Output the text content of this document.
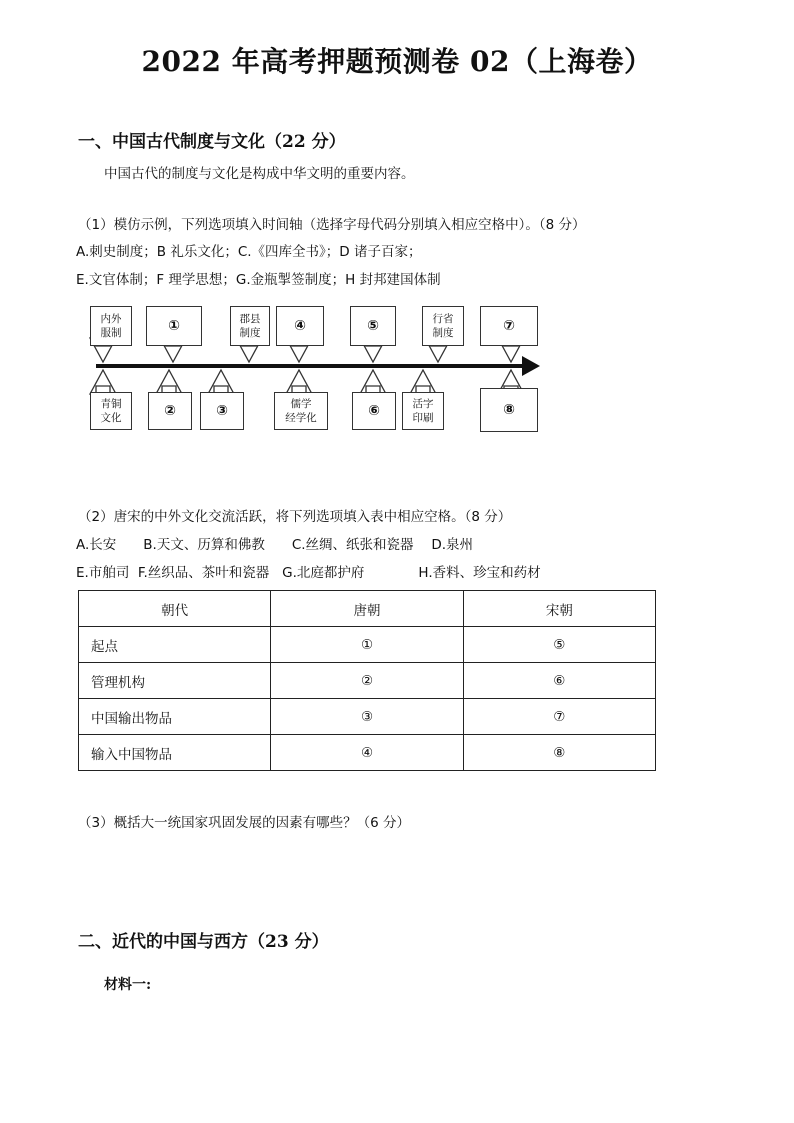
2022 年高考押题预测卷 02（上海卷）
一、中国古代制度与文化（22 分）
中国古代的制度与文化是构成中华文明的重要内容。
（1）模仿示例，下列选项填入时间轴（选择字母代码分别填入相应空格中）。（8 分）
A.刺史制度；B 礼乐文化；C.《四库全书》；D 诸子百家；
E.文官体制；F 理学思想；G.金瓶掣签制度；H 封邦建国体制
内外
服制	①	郡县
制度	④	⑤	行省
制度	⑦
青铜
文化	②	③	儒学
经学化	⑥	活字
印刷	⑧
（2）唐宋的中外文化交流活跃，将下列选项填入表中相应空格。（8 分）
A.长安　　B.天文、历算和佛教　　C.丝绸、纸张和瓷器　 D.泉州
E.市舶司  F.丝织品、茶叶和瓷器   G.北庭都护府　　　　H.香料、珍宝和药材
朝代	唐朝	宋朝
起点	①	⑤
管理机构	②	⑥
中国输出物品	③	⑦
输入中国物品	④	⑧
（3）概括大一统国家巩固发展的因素有哪些？（6 分）
二、近代的中国与西方（23 分）
材料一:
